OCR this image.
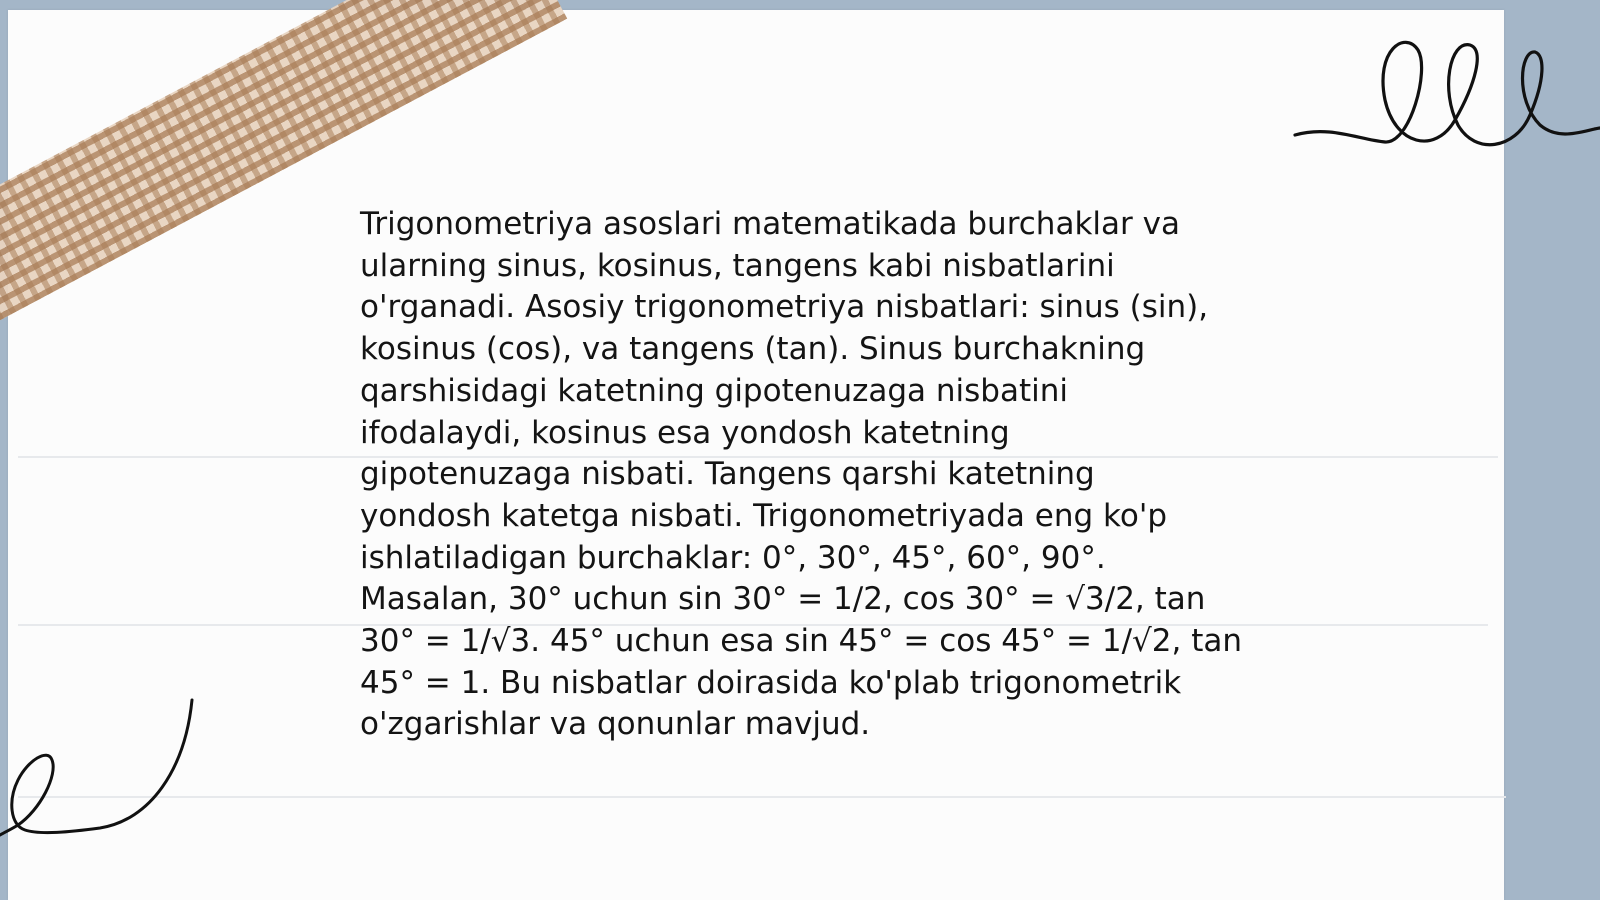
Trigonometriya asoslari matematikada burchaklar va
ularning sinus, kosinus, tangens kabi nisbatlarini
o'rganadi. Asosiy trigonometriya nisbatlari: sinus (sin),
kosinus (cos), va tangens (tan). Sinus burchakning
qarshisidagi katetning gipotenuzaga nisbatini
ifodalaydi, kosinus esa yondosh katetning
gipotenuzaga nisbati. Tangens qarshi katetning
yondosh katetga nisbati. Trigonometriyada eng ko'p
ishlatiladigan burchaklar: 0°, 30°, 45°, 60°, 90°.
Masalan, 30° uchun sin 30° = 1/2, cos 30° = √3/2, tan
30° = 1/√3. 45° uchun esa sin 45° = cos 45° = 1/√2, tan
45° = 1. Bu nisbatlar doirasida ko'plab trigonometrik
o'zgarishlar va qonunlar mavjud.
